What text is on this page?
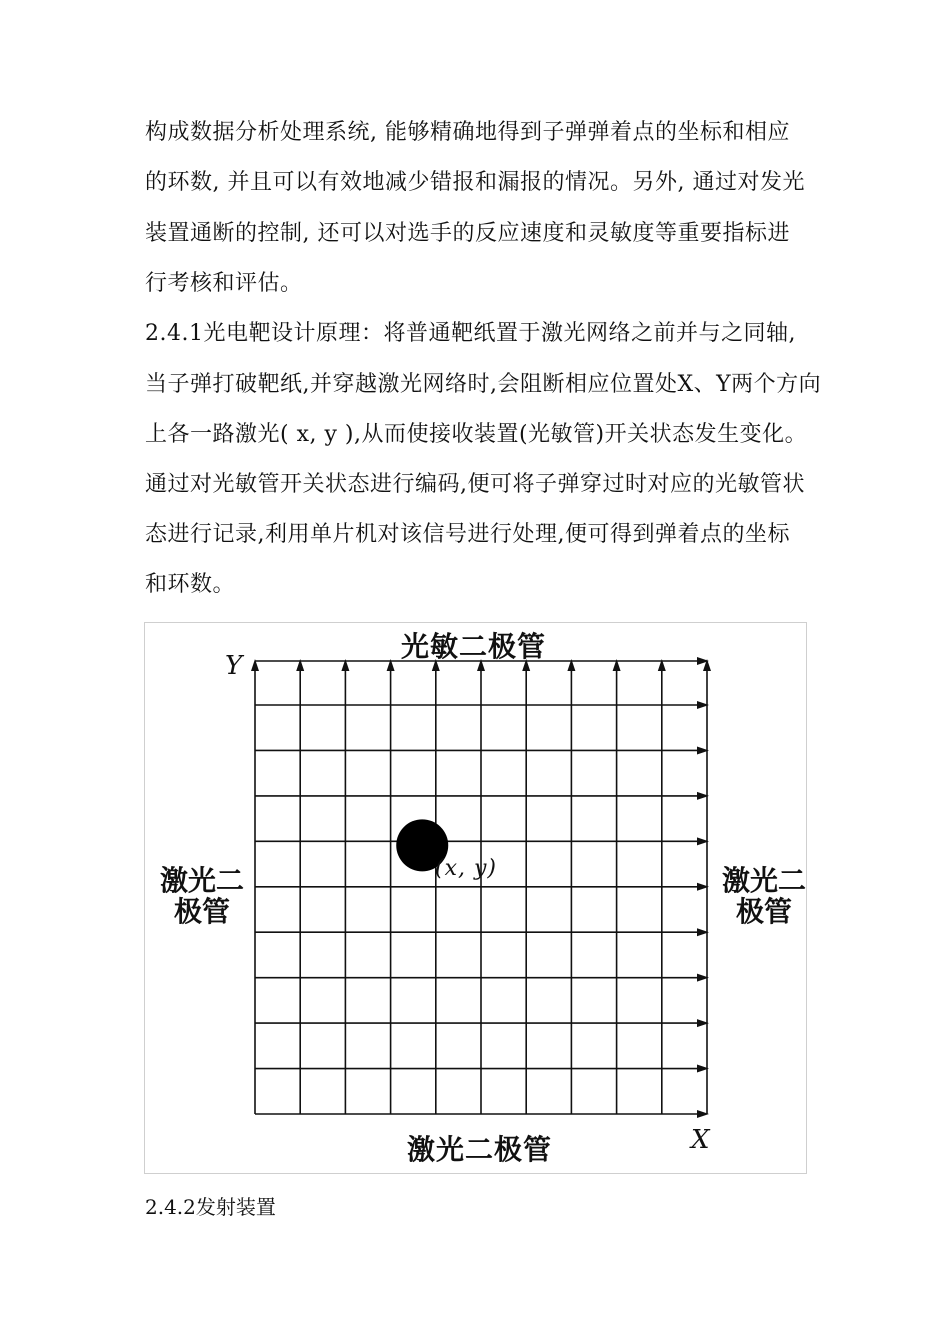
构成数据分析处理系统, 能够精确地得到子弹弹着点的坐标和相应

的环数, 并且可以有效地减少错报和漏报的情况。另外, 通过对发光

装置通断的控制, 还可以对选手的反应速度和灵敏度等重要指标进

行考核和评估。

2.4.1光电靶设计原理：将普通靶纸置于激光网络之前并与之同轴,

当子弹打破靶纸,并穿越激光网络时,会阻断相应位置处X、Y两个方向

上各一路激光( x, y ),从而使接收装置(光敏管)开关状态发生变化。

通过对光敏管开关状态进行编码,便可将子弹穿过时对应的光敏管状

态进行记录,利用单片机对该信号进行处理,便可得到弹着点的坐标

和环数。

光敏二极管
激光二极管
激光二
极管
激光二
极管
Y
X
(x, y)

2.4.2发射装置
